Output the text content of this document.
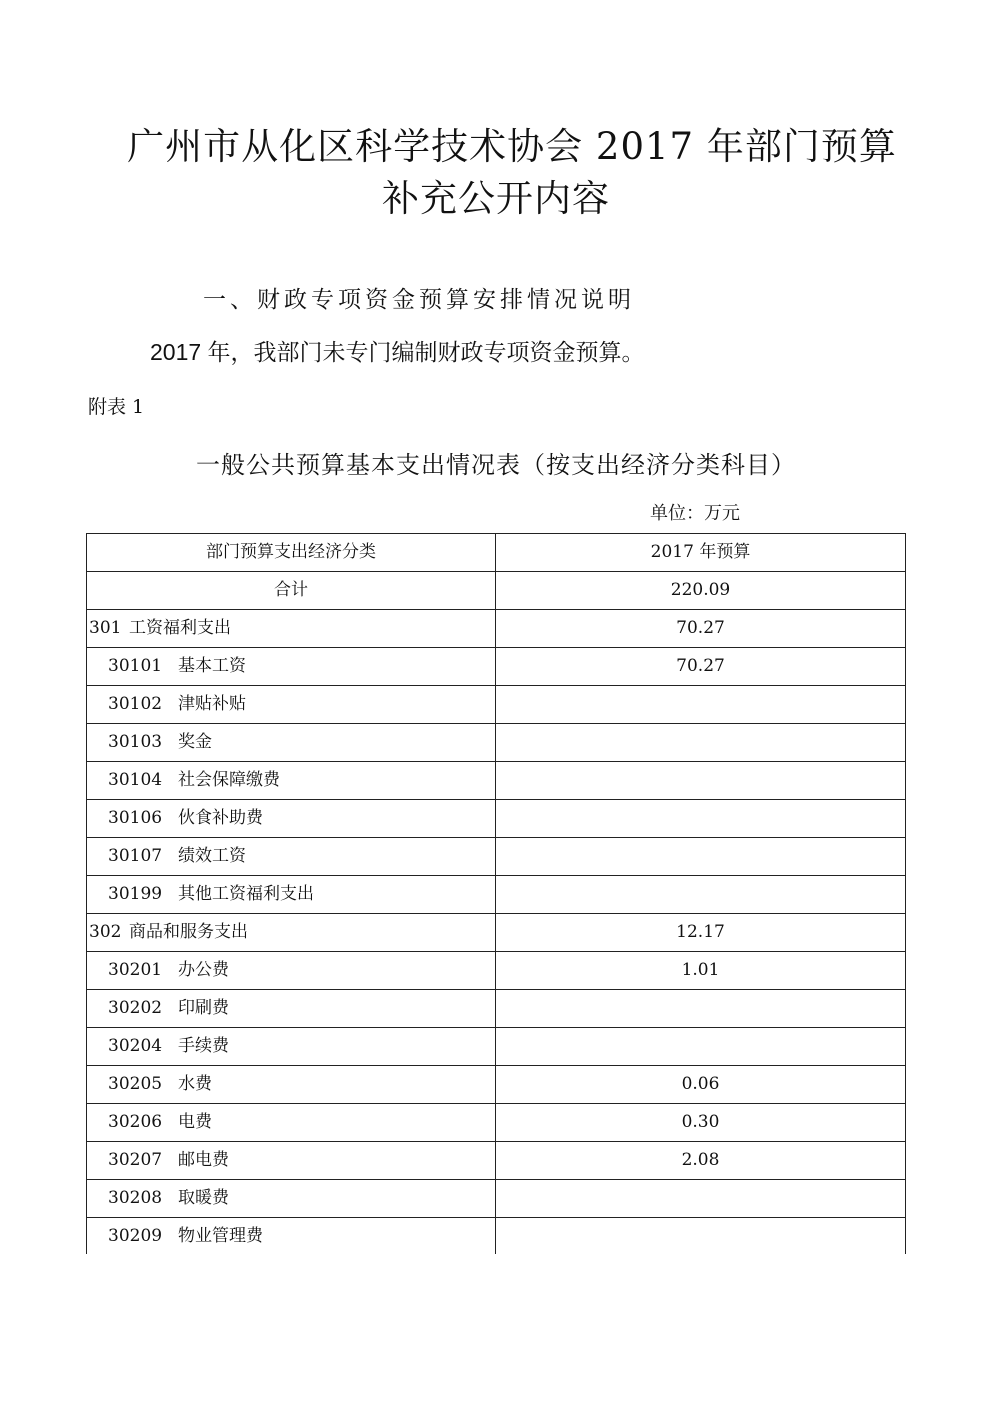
广州市从化区科学技术协会 2017 年部门预算
补充公开内容

一、财政专项资金预算安排情况说明

2017 年，我部门未专门编制财政专项资金预算。

附表 1
一般公共预算基本支出情况表（按支出经济分类科目）
单位：万元
部门预算支出经济分类	2017 年预算
合计	220.09
301 工资福利支出	70.27
30101 基本工资	70.27
30102 津贴补贴	
30103 奖金	
30104 社会保障缴费	
30106 伙食补助费	
30107 绩效工资	
30199 其他工资福利支出	
302 商品和服务支出	12.17
30201 办公费	1.01
30202 印刷费	
30204 手续费	
30205 水费	0.06
30206 电费	0.30
30207 邮电费	2.08
30208 取暖费	
30209 物业管理费	
